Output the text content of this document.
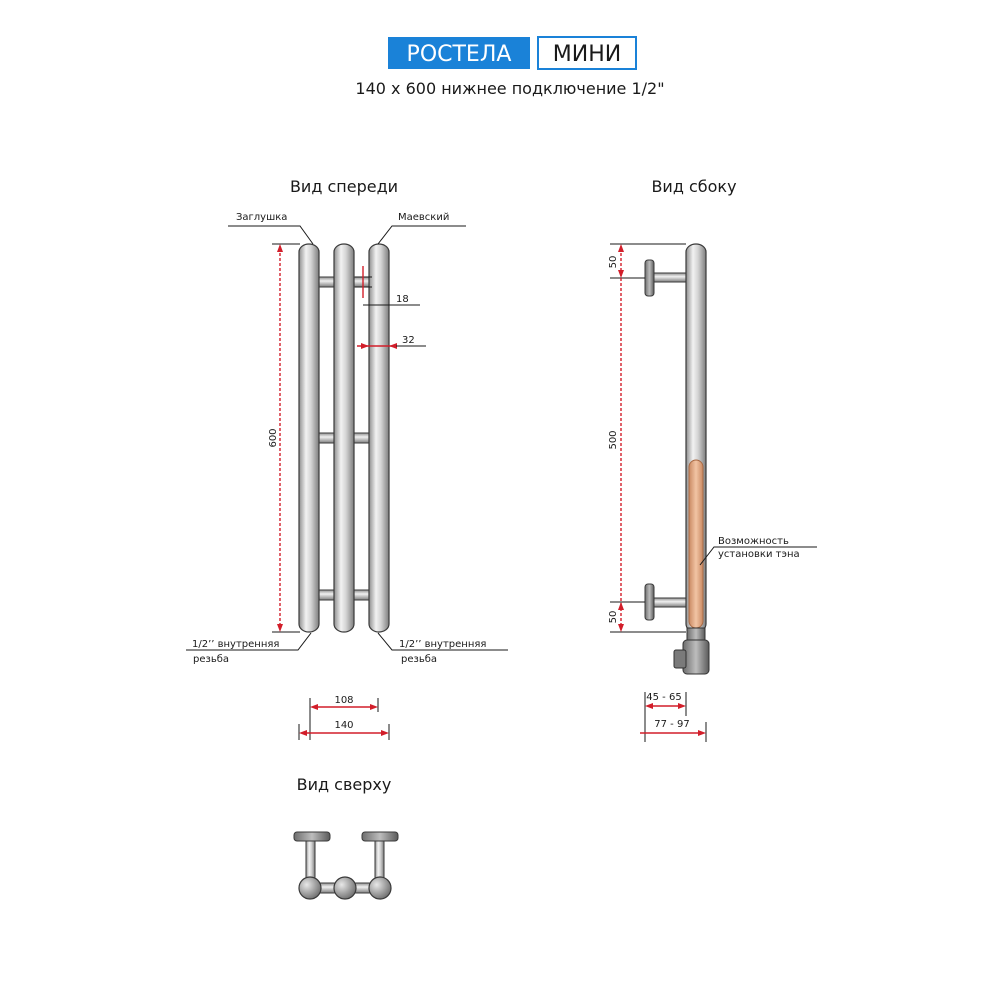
РОСТЕЛА МИНИ
140 x 600 нижнее подключение 1/2"
Вид спереди
Заглушка	Маевский
600
18
32
1/2’’ внутренняя
резьба
1/2’’ внутренняя
резьба
108
140
Вид сбоку
50
500
50
Возможность
установки тэна
45 - 65
77 - 97
Вид сверху
